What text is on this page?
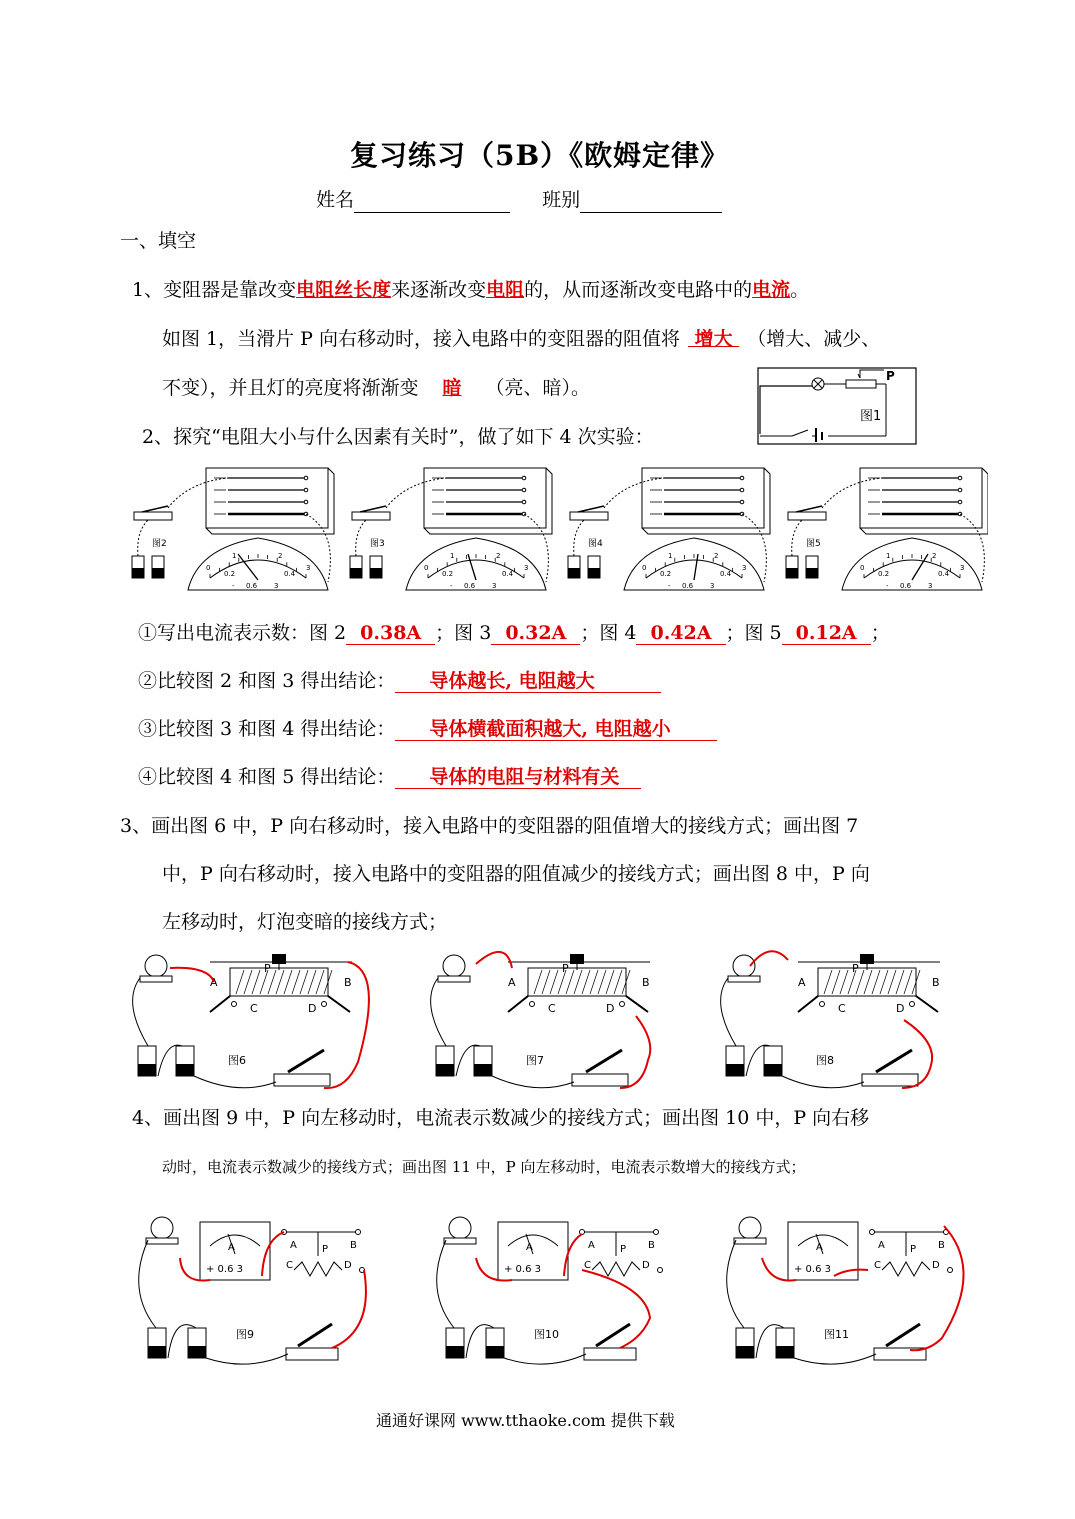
复习练习（5B）《欧姆定律》
姓名	班别
一、填空
1、变阻器是靠改变电阻丝长度来逐渐改变电阻的，从而逐渐改变电路中的电流。
如图 1，当滑片 P 向右移动时，接入电路中的变阻器的阻值将 增大 （增大、减少、
不变），并且灯的亮度将渐渐变 暗 （亮、暗）。
P
图1
2、探究“电阻大小与什么因素有关时”，做了如下 4 次实验：
图2
0
1	2
3
0.2	0.4
- 0.6 3
图3
0
1	2
3
0.2	0.4
- 0.6 3
图4
0
1	2
3
0.2	0.4
- 0.6 3
图5
0
1	2
3
0.2	0.4
- 0.6 3
①写出电流表示数：图 2 0.38A ；图 3 0.32A ；图 4 0.42A ；图 5 0.12A ；
②比较图 2 和图 3 得出结论： 导体越长, 电阻越大
③比较图 3 和图 4 得出结论： 导体横截面积越大, 电阻越小
④比较图 4 和图 5 得出结论： 导体的电阻与材料有关
3、画出图 6 中，P 向右移动时，接入电路中的变阻器的阻值增大的接线方式；画出图 7
中，P 向右移动时，接入电路中的变阻器的阻值减少的接线方式；画出图 8 中，P 向
左移动时，灯泡变暗的接线方式；
A	B
C	D
P
图6
A	B
C	D
P
图7
A	B
C	D
P
图8
4、画出图 9 中，P 向左移动时，电流表示数减少的接线方式；画出图 10 中，P 向右移
动时，电流表示数减少的接线方式；画出图 11 中，P 向左移动时，电流表示数增大的接线方式；
A
+ 0.6 3
A	B
P
C	D
图9
A
+ 0.6 3
A	B
P
C	D
图10
A
+ 0.6 3
A	B
P
C	D
图11
通通好课网 www.tthaoke.com 提供下载
